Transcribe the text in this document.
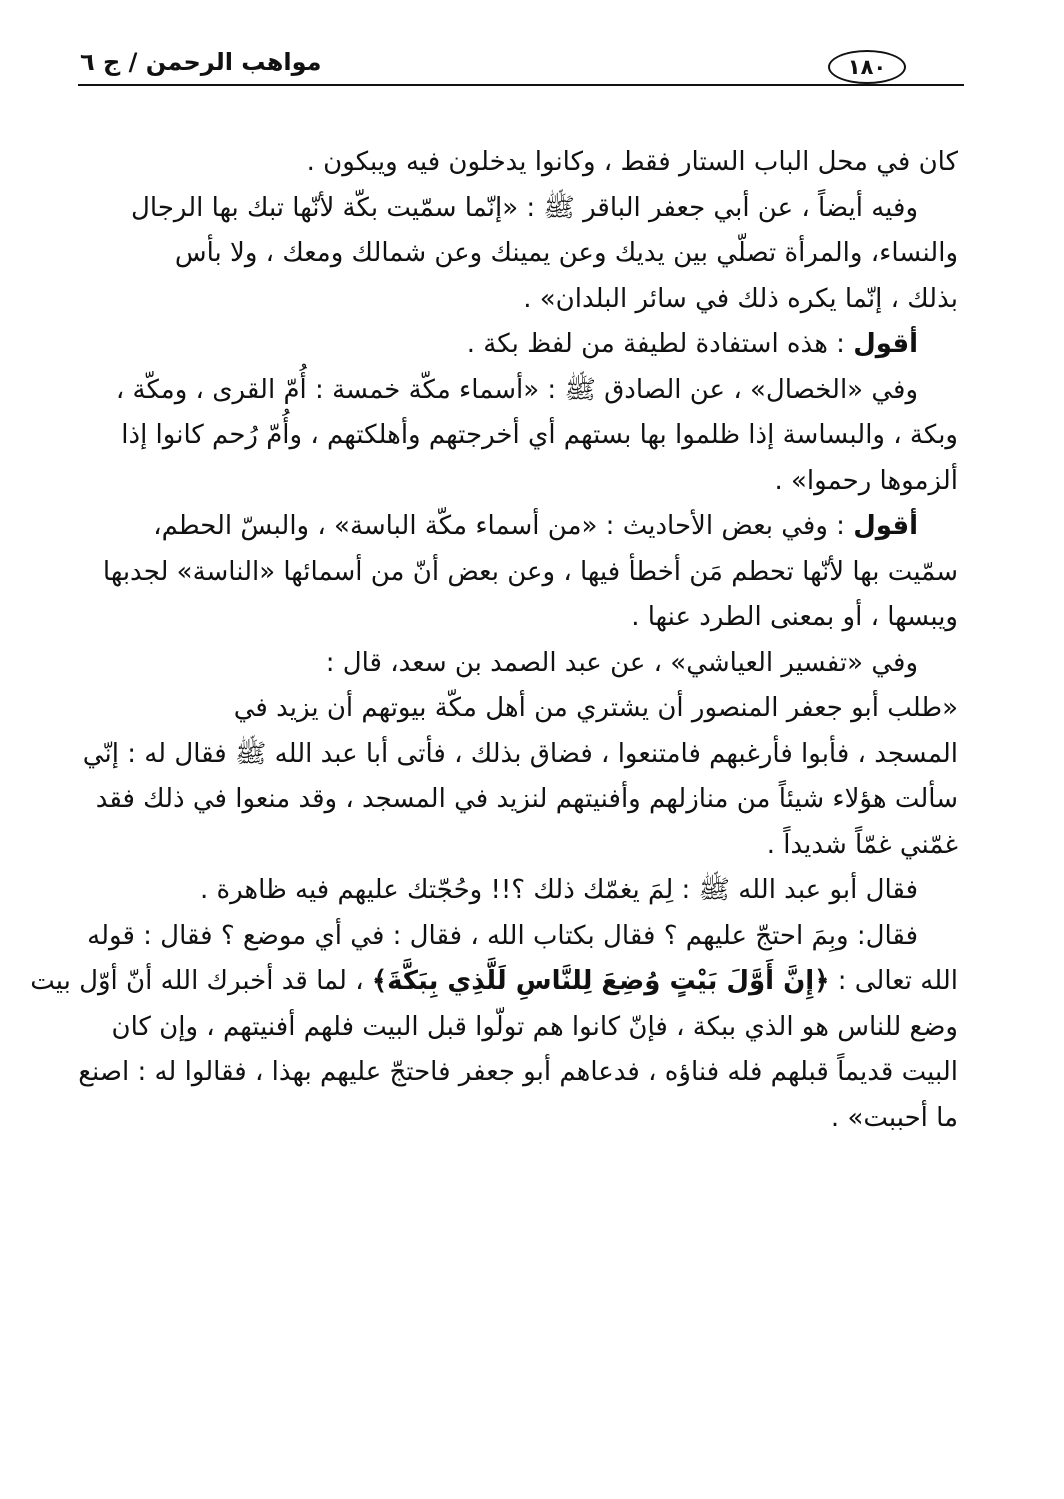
١٨٠
مواهب الرحمن / ج ٦
كان في محل الباب الستار فقط ، وكانوا يدخلون فيه ويبكون .
وفيه أيضاً ، عن أبي جعفر الباقر ﷺ : «إنّما سمّيت بكّة لأنّها تبك بها الرجال
والنساء، والمرأة تصلّي بين يديك وعن يمينك وعن شمالك ومعك ، ولا بأس
بذلك ، إنّما يكره ذلك في سائر البلدان» .
أقول : هذه استفادة لطيفة من لفظ بكة .
وفي «الخصال» ، عن الصادق ﷺ : «أسماء مكّة خمسة : أُمّ القرى ، ومكّة ،
وبكة ، والبساسة إذا ظلموا بها بستهم أي أخرجتهم وأهلكتهم ، وأُمّ رُحم كانوا إذا
ألزموها رحموا» .
أقول : وفي بعض الأحاديث : «من أسماء مكّة الباسة» ، والبسّ الحطم،
سمّيت بها لأنّها تحطم مَن أخطأ فيها ، وعن بعض أنّ من أسمائها «الناسة» لجدبها
ويبسها ، أو بمعنى الطرد عنها .
وفي «تفسير العياشي» ، عن عبد الصمد بن سعد، قال :
«طلب أبو جعفر المنصور أن يشتري من أهل مكّة بيوتهم أن يزيد في
المسجد ، فأبوا فأرغبهم فامتنعوا ، فضاق بذلك ، فأتى أبا عبد الله ﷺ فقال له : إنّي
سألت هؤلاء شيئاً من منازلهم وأفنيتهم لنزيد في المسجد ، وقد منعوا في ذلك فقد
غمّني غمّاً شديداً .
فقال أبو عبد الله ﷺ : لِمَ يغمّك ذلك ؟!! وحُجّتك عليهم فيه ظاهرة .
فقال: وبِمَ احتجّ عليهم ؟ فقال بكتاب الله ، فقال : في أي موضع ؟ فقال : قوله
الله تعالى : ﴿إِنَّ أَوَّلَ بَيْتٍ وُضِعَ لِلنَّاسِ لَلَّذِي بِبَكَّةَ﴾ ، لما قد أخبرك الله أنّ أوّل بيت
وضع للناس هو الذي ببكة ، فإنّ كانوا هم تولّوا قبل البيت فلهم أفنيتهم ، وإن كان
البيت قديماً قبلهم فله فناؤه ، فدعاهم أبو جعفر فاحتجّ عليهم بهذا ، فقالوا له : اصنع
ما أحببت» .
